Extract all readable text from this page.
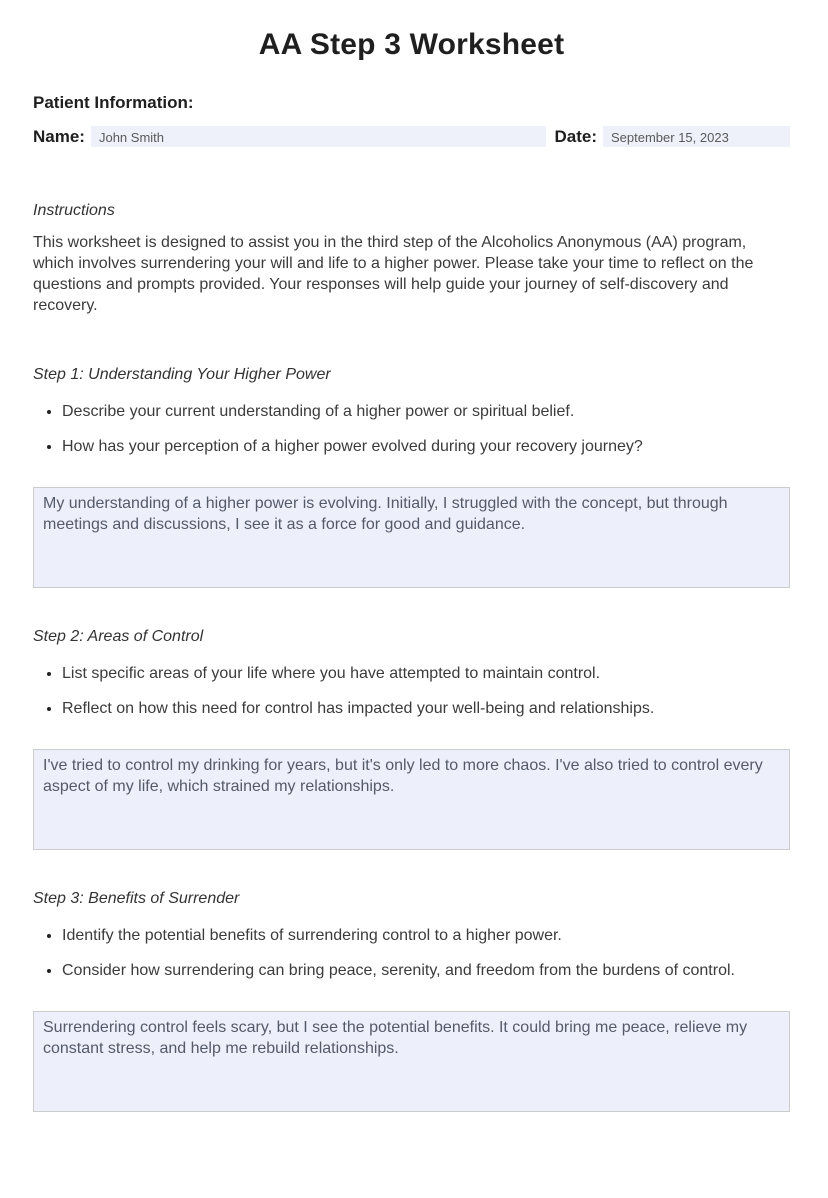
AA Step 3 Worksheet
Patient Information:
Name:	John Smith	Date:	September 15, 2023
Instructions

This worksheet is designed to assist you in the third step of the Alcoholics Anonymous (AA) program, which involves surrendering your will and life to a higher power. Please take your time to reflect on the questions and prompts provided. Your responses will help guide your journey of self-discovery and recovery.

Step 1: Understanding Your Higher Power
• Describe your current understanding of a higher power or spiritual belief.
• How has your perception of a higher power evolved during your recovery journey?
My understanding of a higher power is evolving. Initially, I struggled with the concept, but through meetings and discussions, I see it as a force for good and guidance.
Step 2: Areas of Control
• List specific areas of your life where you have attempted to maintain control.
• Reflect on how this need for control has impacted your well-being and relationships.
I've tried to control my drinking for years, but it's only led to more chaos. I've also tried to control every aspect of my life, which strained my relationships.
Step 3: Benefits of Surrender
• Identify the potential benefits of surrendering control to a higher power.
• Consider how surrendering can bring peace, serenity, and freedom from the burdens of control.
Surrendering control feels scary, but I see the potential benefits. It could bring me peace, relieve my constant stress, and help me rebuild relationships.
